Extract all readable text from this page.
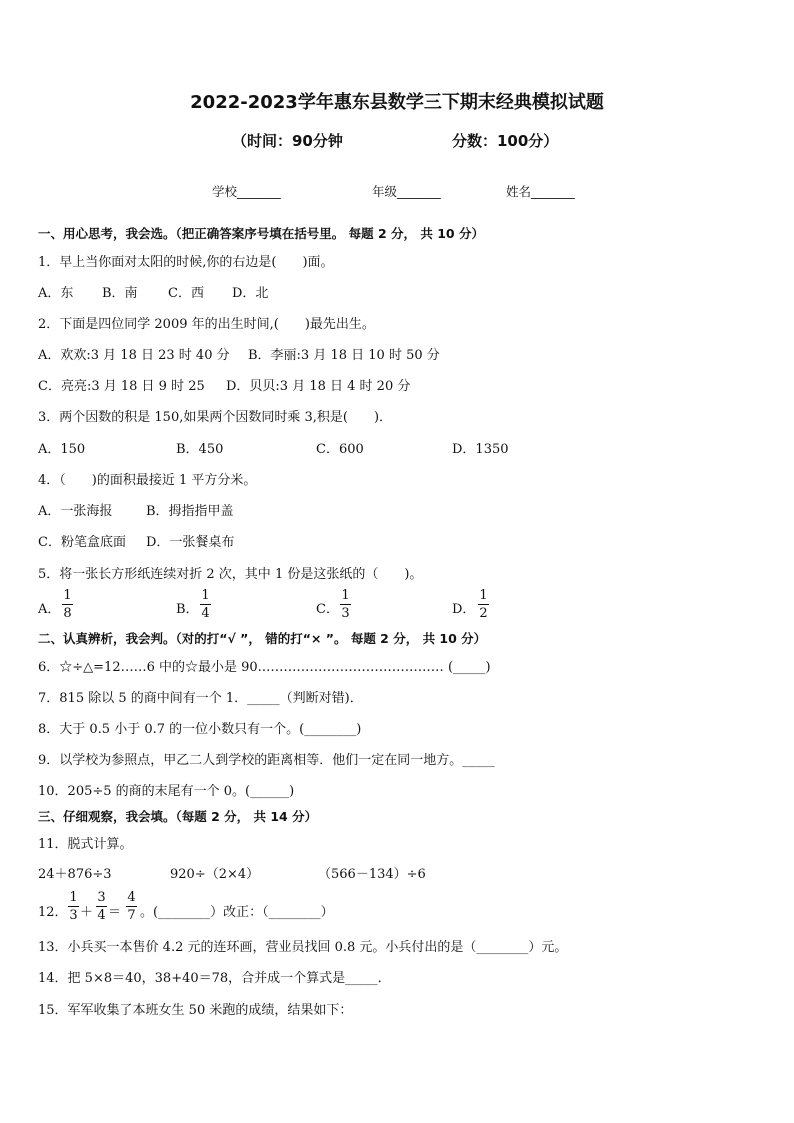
2022-2023学年惠东县数学三下期末经典模拟试题
（时间：90分钟	分数：100分）
学校_______	年级_______	姓名_______
一、用心思考，我会选。（把正确答案序号填在括号里。 每题 2 分， 共 10 分）
1．早上当你面对太阳的时候,你的右边是(　　)面。
A．东 B．南 C．西 D．北
2．下面是四位同学 2009 年的出生时间,(　　)最先出生。
A．欢欢:3 月 18 日 23 时 40 分 B．李丽:3 月 18 日 10 时 50 分
C．亮亮:3 月 18 日 9 时 25 D．贝贝:3 月 18 日 4 时 20 分
3．两个因数的积是 150,如果两个因数同时乘 3,积是(　　)．
A．150	B．450	C．600	D．1350
4．（　　)的面积最接近 1 平方分米。
A．一张海报	B．拇指指甲盖
C．粉笔盒底面 D．一张餐桌布
5．将一张长方形纸连续对折 2 次，其中 1 份是这张纸的（　　)。
A．
1
8	B．
1
4	C．
1
3	D．
1
2
二、认真辨析，我会判。（对的打“√ ”， 错的打“× ”。 每题 2 分， 共 10 分）
6．☆÷△=12……6 中的☆最小是 90.…………………………………… (_____)
7．815 除以 5 的商中间有一个 1．_____（判断对错)．
8．大于 0.5 小于 0.7 的一位小数只有一个。(________)
9．以学校为参照点，甲乙二人到学校的距离相等．他们一定在同一地方。_____
10．205÷5 的商的末尾有一个 0。(______)
三、仔细观察，我会填。（每题 2 分， 共 14 分）
11．脱式计算。
24＋876÷3	920÷（2×4）	（566－134）÷6
12．
1
3 ＋
3
4 ＝
4
7 。(________）改正：（________）
13．小兵买一本售价 4.2 元的连环画，营业员找回 0.8 元。小兵付出的是（________）元。
14．把 5×8＝40，38+40＝78，合并成一个算式是_____．
15．军军收集了本班女生 50 米跑的成绩，结果如下：
